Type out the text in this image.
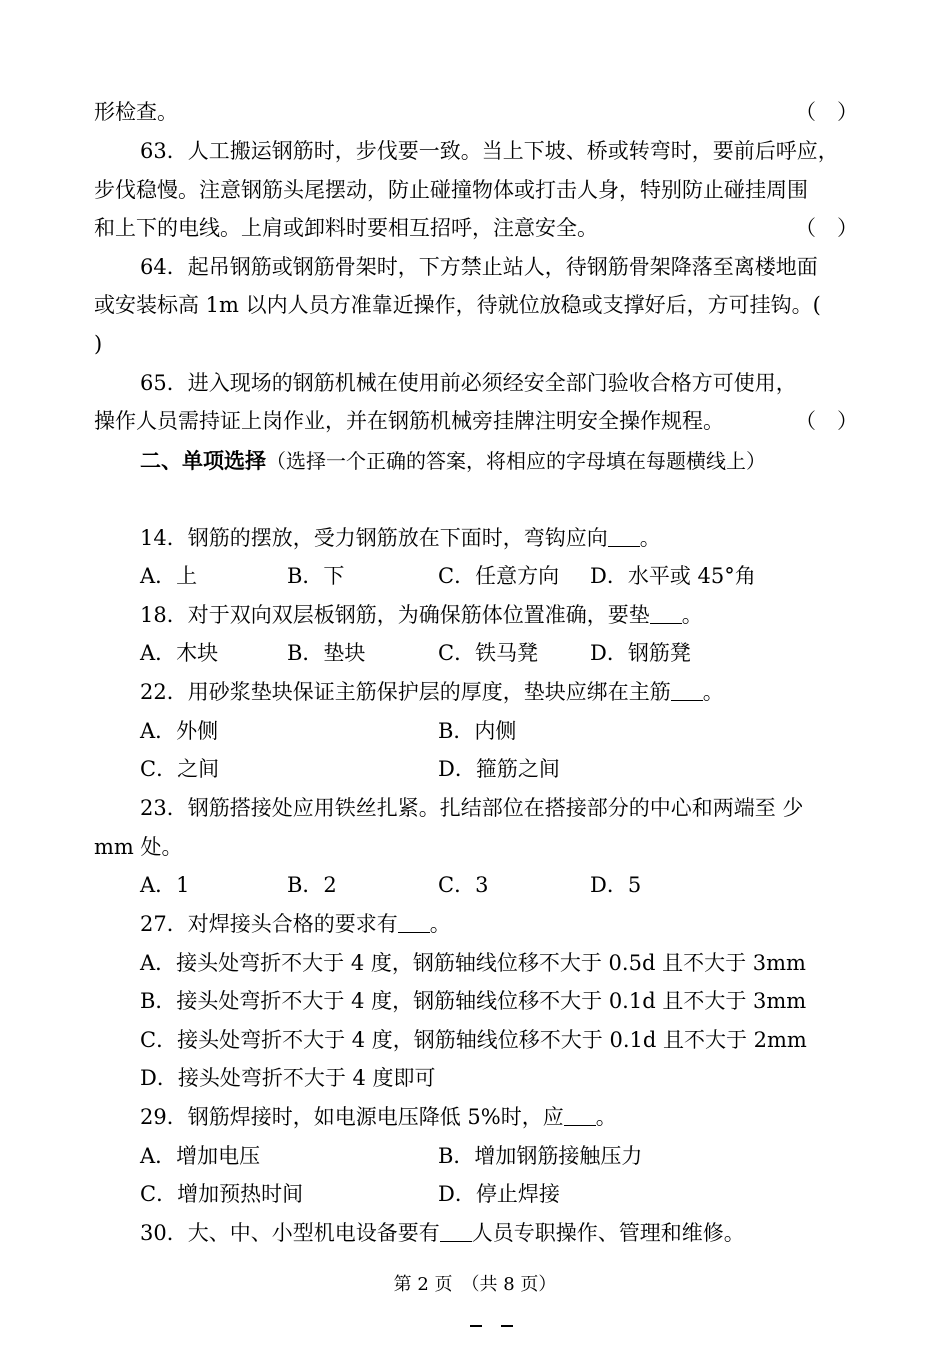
形检查。	（　）
63．人工搬运钢筋时，步伐要一致。当上下坡、桥或转弯时，要前后呼应，
步伐稳慢。注意钢筋头尾摆动，防止碰撞物体或打击人身，特别防止碰挂周围
和上下的电线。上肩或卸料时要相互招呼，注意安全。	（　）
64．起吊钢筋或钢筋骨架时，下方禁止站人，待钢筋骨架降落至离楼地面
或安装标高 1m 以内人员方准靠近操作，待就位放稳或支撑好后，方可挂钩。(
)
65．进入现场的钢筋机械在使用前必须经安全部门验收合格方可使用，
操作人员需持证上岗作业，并在钢筋机械旁挂牌注明安全操作规程。	（　）
二、单项选择（选择一个正确的答案，将相应的字母填在每题横线上）
14．钢筋的摆放，受力钢筋放在下面时，弯钩应向 。
A．上	B．下	C．任意方向 D．水平或 45°角
18．对于双向双层板钢筋，为确保筋体位置准确，要垫 。
A．木块	B．垫块	C．铁马凳 D．钢筋凳
22．用砂浆垫块保证主筋保护层的厚度，垫块应绑在主筋 。
A．外侧	B．内侧
C．之间	D．箍筋之间
23．钢筋搭接处应用铁丝扎紧。扎结部位在搭接部分的中心和两端至 少
mm 处。
A．1	B．2	C．3	D．5
27．对焊接头合格的要求有 。
A．接头处弯折不大于 4 度，钢筋轴线位移不大于 0.5d 且不大于 3mm
B．接头处弯折不大于 4 度，钢筋轴线位移不大于 0.1d 且不大于 3mm
C．接头处弯折不大于 4 度，钢筋轴线位移不大于 0.1d 且不大于 2mm
D．接头处弯折不大于 4 度即可
29．钢筋焊接时，如电源电压降低 5%时，应 。
A．增加电压	B．增加钢筋接触压力
C．增加预热时间	D．停止焊接
30．大、中、小型机电设备要有 人员专职操作、管理和维修。
第 2 页　（共 8 页）
